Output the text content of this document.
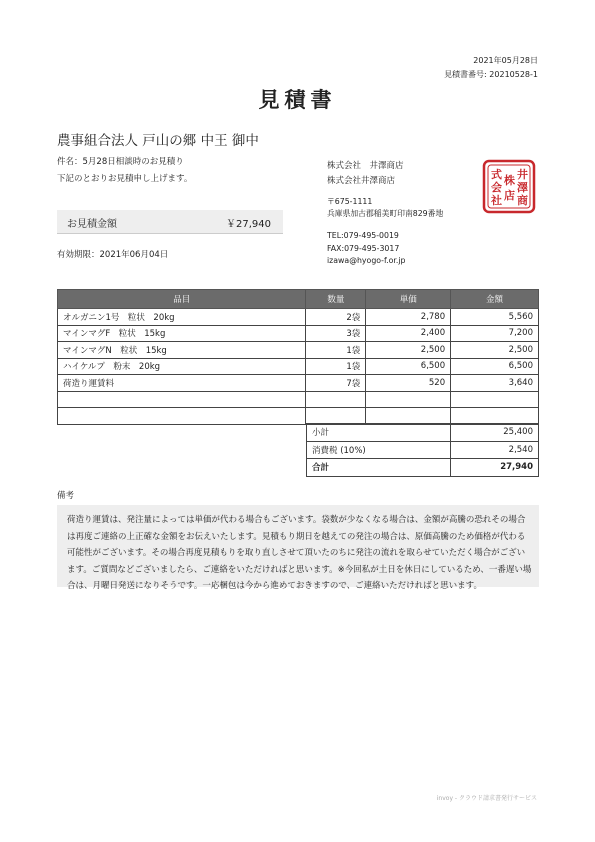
2021年05月28日
見積書番号: 20210528-1
見積書
農事組合法人 戸山の郷 中王 御中
件名：5月28日相談時のお見積り
下記のとおりお見積申し上げます。
お見積金額	￥27,940
有効期限：2021年06月04日
株式会社　井澤商店
株式会社井澤商店
〒675-1111
兵庫県加古郡稲美町印南829番地
TEL:079-495-0019
FAX:079-495-3017
izawa@hyogo-f.or.jp
井
澤
商
式
会
社
株
店
品目	数量	単価	金額
オルガニン1号　粒状　20kg	2袋	2,780	5,560
マインマグF　粒状　15kg	3袋	2,400	7,200
マインマグN　粒状　15kg	1袋	2,500	2,500
ハイケルプ　粉末　20kg	1袋	6,500	6,500
荷造り運賃料	7袋	520	3,640

小計	25,400
消費税 (10%)	2,540
合計	27,940
備考
荷造り運賃は、発注量によっては単価が代わる場合もございます。袋数が少なくなる場合は、金額が高騰の恐れその場合は再度ご連絡の上正確な金額をお伝えいたします。見積もり期日を越えての発注の場合は、原価高騰のため価格が代わる可能性がございます。その場合再度見積もりを取り直しさせて頂いたのちに発注の流れを取らせていただく場合がございます。ご質問などございましたら、ご連絡をいただければと思います。※今回私が土日を休日にしているため、一番遅い場合は、月曜日発送になりそうです。一応梱包は今から進めておきますので、ご連絡いただければと思います。
invoy - クラウド請求書発行サービス
